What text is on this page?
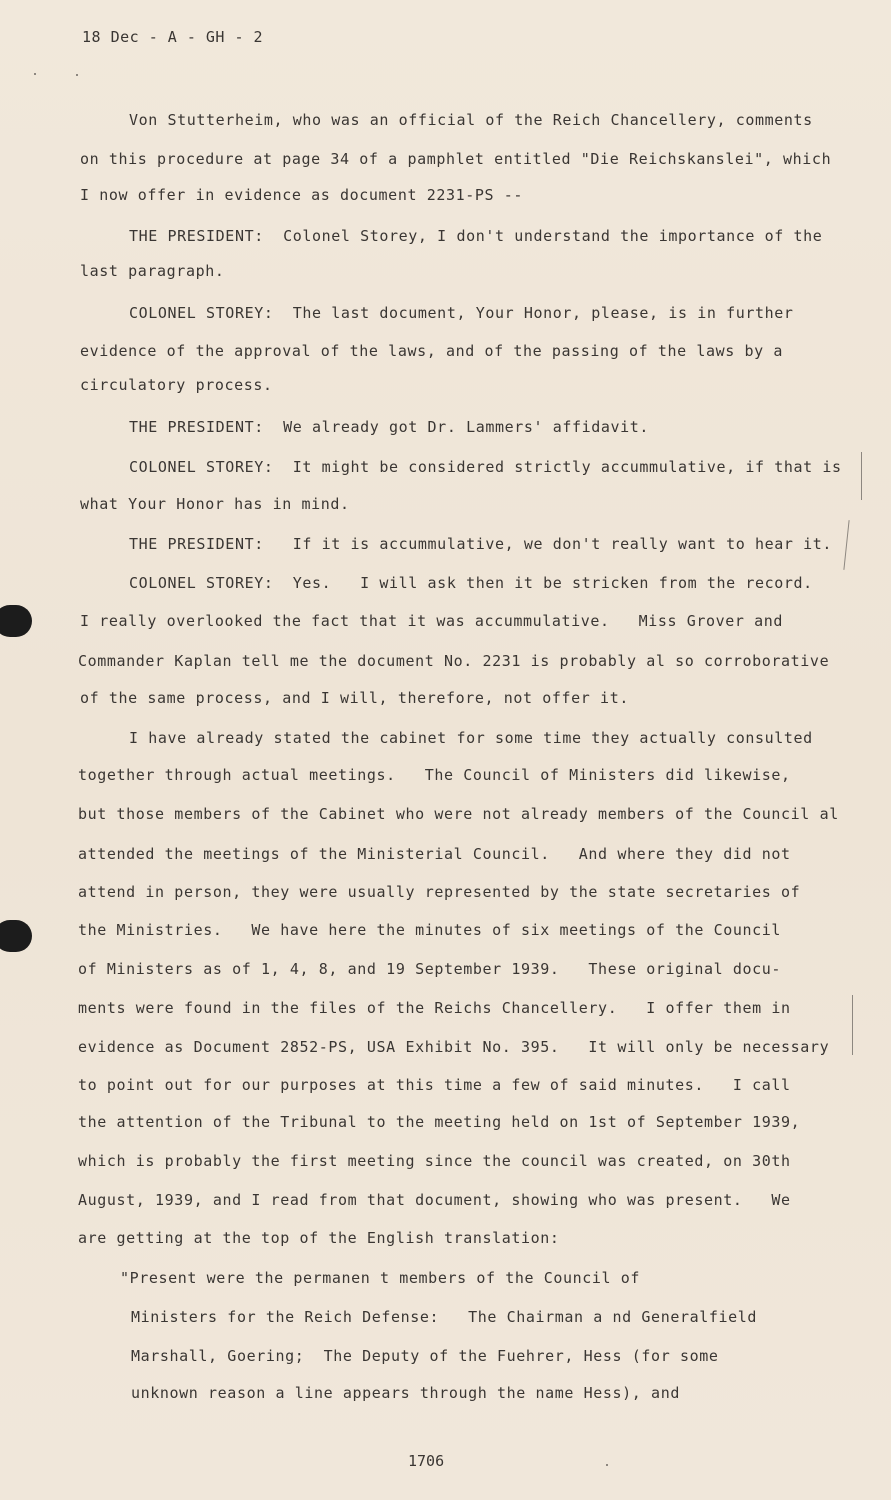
18 Dec - A - GH - 2
Von Stutterheim, who was an official of the Reich Chancellery, comments
on this procedure at page 34 of a pamphlet entitled "Die Reichskanslei", which
I now offer in evidence as document 2231-PS --
THE PRESIDENT:  Colonel Storey, I don't understand the importance of the
last paragraph.
COLONEL STOREY:  The last document, Your Honor, please, is in further
evidence of the approval of the laws, and of the passing of the laws by a
circulatory process.
THE PRESIDENT:  We already got Dr. Lammers' affidavit.
COLONEL STOREY:  It might be considered strictly accummulative, if that is
what Your Honor has in mind.
THE PRESIDENT:   If it is accummulative, we don't really want to hear it.
COLONEL STOREY:  Yes.   I will ask then it be stricken from the record.
I really overlooked the fact that it was accummulative.   Miss Grover and
Commander Kaplan tell me the document No. 2231 is probably al so corroborative
of the same process, and I will, therefore, not offer it.
I have already stated the cabinet for some time they actually consulted
together through actual meetings.   The Council of Ministers did likewise,
but those members of the Cabinet who were not already members of the Council al
attended the meetings of the Ministerial Council.   And where they did not
attend in person, they were usually represented by the state secretaries of
the Ministries.   We have here the minutes of six meetings of the Council
of Ministers as of 1, 4, 8, and 19 September 1939.   These original docu-
ments were found in the files of the Reichs Chancellery.   I offer them in
evidence as Document 2852-PS, USA Exhibit No. 395.   It will only be necessary
to point out for our purposes at this time a few of said minutes.   I call
the attention of the Tribunal to the meeting held on 1st of September 1939,
which is probably the first meeting since the council was created, on 30th
August, 1939, and I read from that document, showing who was present.   We
are getting at the top of the English translation:
"Present were the permanen t members of the Council of
Ministers for the Reich Defense:   The Chairman a nd Generalfield
Marshall, Goering;  The Deputy of the Fuehrer, Hess (for some
unknown reason a line appears through the name Hess), and
1706
